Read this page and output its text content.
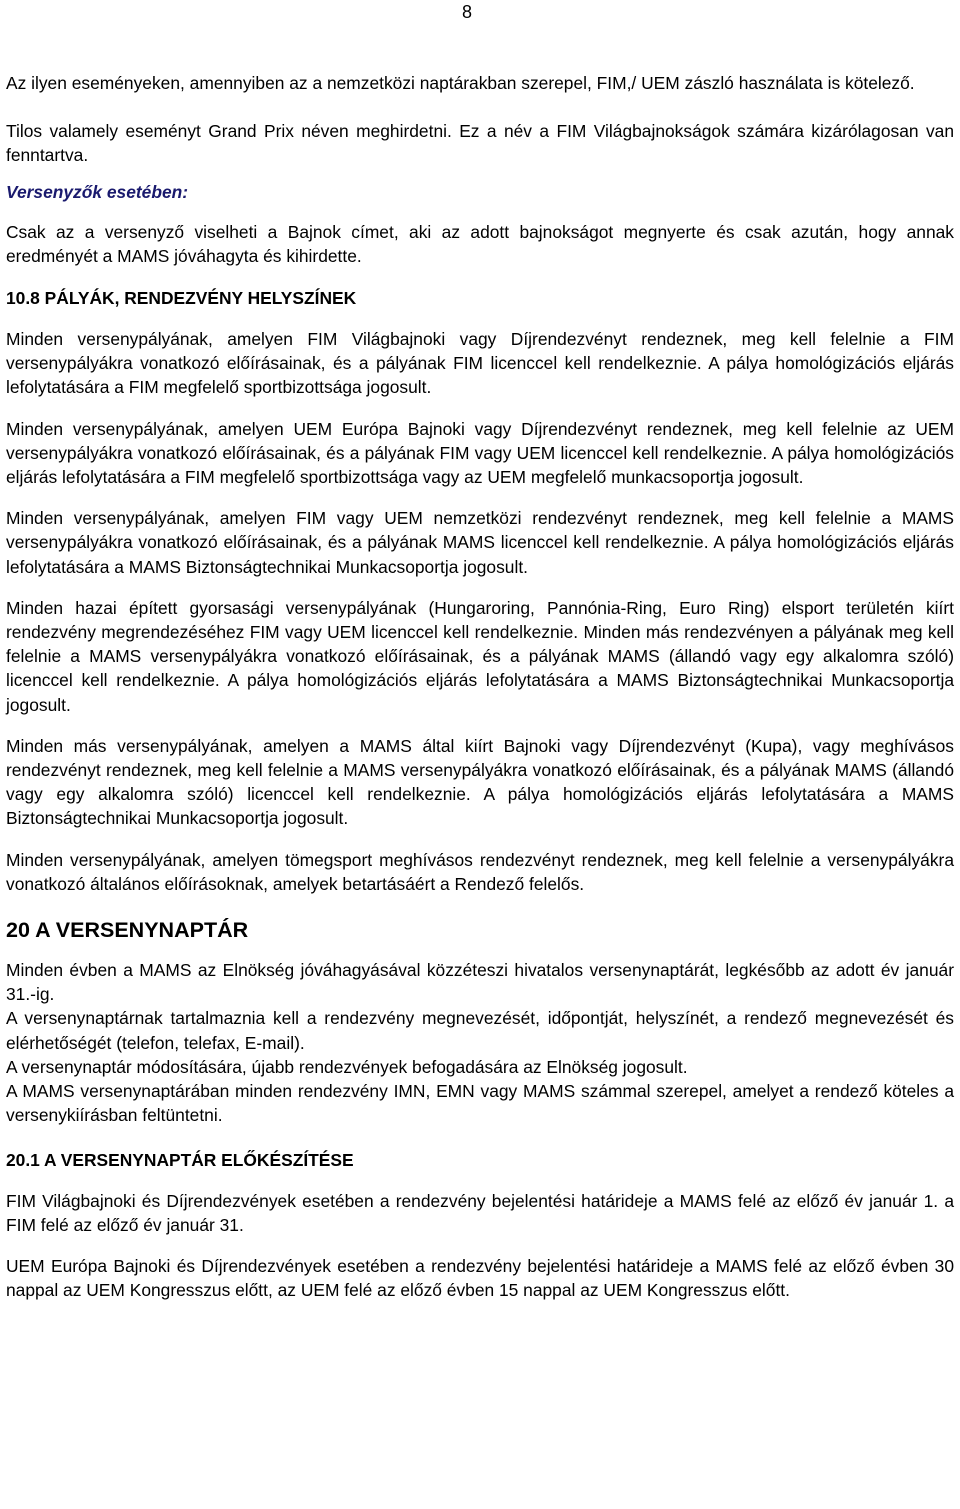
8

Az ilyen eseményeken, amennyiben az a nemzetközi naptárakban szerepel, FIM,/ UEM zászló használata is kötelező.

Tilos valamely eseményt Grand Prix néven meghirdetni. Ez a név a FIM Világbajnokságok számára kizárólagosan van fenntartva.

Versenyzők esetében:

Csak az a versenyző viselheti a Bajnok címet, aki az adott bajnokságot megnyerte és csak azután, hogy annak eredményét a MAMS jóváhagyta és kihirdette.

10.8 PÁLYÁK, RENDEZVÉNY HELYSZÍNEK

Minden versenypályának, amelyen FIM Világbajnoki vagy Díjrendezvényt rendeznek, meg kell felelnie a FIM versenypályákra vonatkozó előírásainak, és a pályának FIM licenccel kell rendelkeznie. A pálya homológizációs eljárás lefolytatására a FIM megfelelő sportbizottsága jogosult.

Minden versenypályának, amelyen UEM Európa Bajnoki vagy Díjrendezvényt rendeznek, meg kell felelnie az UEM versenypályákra vonatkozó előírásainak, és a pályának FIM vagy UEM licenccel kell rendelkeznie. A pálya homológizációs eljárás lefolytatására a FIM megfelelő sportbizottsága vagy az UEM megfelelő munkacsoportja jogosult.

Minden versenypályának, amelyen FIM vagy UEM nemzetközi rendezvényt rendeznek, meg kell felelnie a MAMS versenypályákra vonatkozó előírásainak, és a pályának MAMS licenccel kell rendelkeznie. A pálya homológizációs eljárás lefolytatására a MAMS Biztonságtechnikai Munkacsoportja jogosult.

Minden hazai épített gyorsasági versenypályának (Hungaroring, Pannónia-Ring, Euro Ring) elsport területén kiírt rendezvény megrendezéséhez FIM vagy UEM licenccel kell rendelkeznie. Minden más rendezvényen a pályának meg kell felelnie a MAMS versenypályákra vonatkozó előírásainak, és a pályának MAMS (állandó vagy egy alkalomra szóló) licenccel kell rendelkeznie. A pálya homológizációs eljárás lefolytatására a MAMS Biztonságtechnikai Munkacsoportja jogosult.

Minden más versenypályának, amelyen a MAMS által kiírt Bajnoki vagy Díjrendezvényt (Kupa), vagy meghívásos rendezvényt rendeznek, meg kell felelnie a MAMS versenypályákra vonatkozó előírásainak, és a pályának MAMS (állandó vagy egy alkalomra szóló) licenccel kell rendelkeznie. A pálya homológizációs eljárás lefolytatására a MAMS Biztonságtechnikai Munkacsoportja jogosult.

Minden versenypályának, amelyen tömegsport meghívásos rendezvényt rendeznek, meg kell felelnie a versenypályákra vonatkozó általános előírásoknak, amelyek betartásáért a Rendező felelős.

20 A VERSENYNAPTÁR

Minden évben a MAMS az Elnökség jóváhagyásával közzéteszi hivatalos versenynaptárát, legkésőbb az adott év január 31.-ig.

A versenynaptárnak tartalmaznia kell a rendezvény megnevezését, időpontját, helyszínét, a rendező megnevezését és elérhetőségét (telefon, telefax, E-mail).

A versenynaptár módosítására, újabb rendezvények befogadására az Elnökség jogosult.

A MAMS versenynaptárában minden rendezvény IMN, EMN vagy MAMS számmal szerepel, amelyet a rendező köteles a versenykiírásban feltüntetni.

20.1 A VERSENYNAPTÁR ELŐKÉSZÍTÉSE

FIM Világbajnoki és Díjrendezvények esetében a rendezvény bejelentési határideje a MAMS felé az előző év január 1. a FIM felé az előző év január 31.

UEM Európa Bajnoki és Díjrendezvények esetében a rendezvény bejelentési határideje a MAMS felé az előző évben 30 nappal az UEM Kongresszus előtt, az UEM felé az előző évben 15 nappal az UEM Kongresszus előtt.
